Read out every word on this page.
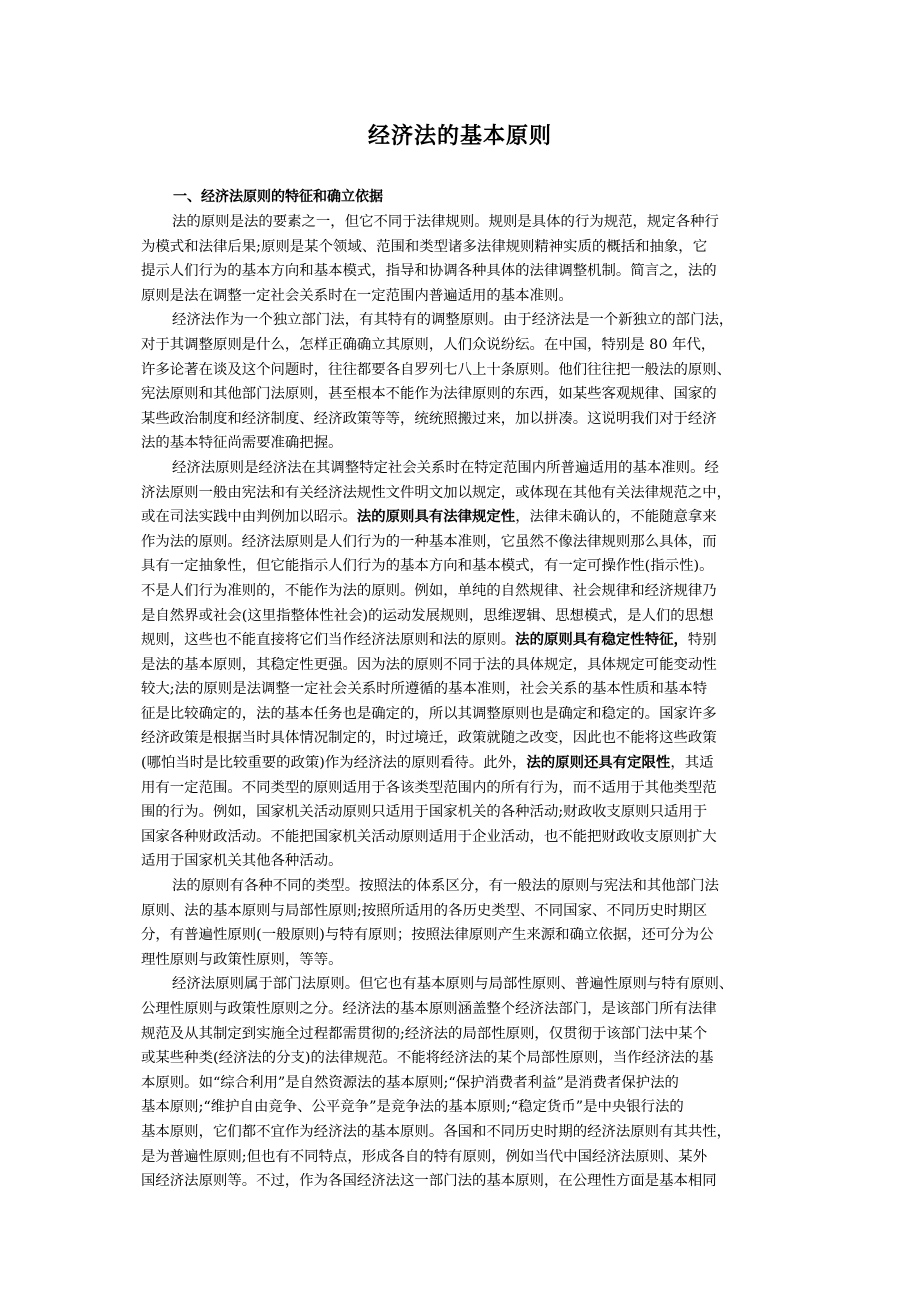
经济法的基本原则
一、经济法原则的特征和确立依据
法的原则是法的要素之一，但它不同于法律规则。规则是具体的行为规范，规定各种行
为模式和法律后果;原则是某个领域、范围和类型诸多法律规则精神实质的概括和抽象，它
提示人们行为的基本方向和基本模式，指导和协调各种具体的法律调整机制。简言之，法的
原则是法在调整一定社会关系时在一定范围内普遍适用的基本准则。
经济法作为一个独立部门法，有其特有的调整原则。由于经济法是一个新独立的部门法，
对于其调整原则是什么，怎样正确确立其原则，人们众说纷纭。在中国，特别是 80 年代，
许多论著在谈及这个问题时，往往都要各自罗列七八上十条原则。他们往往把一般法的原则、
宪法原则和其他部门法原则，甚至根本不能作为法律原则的东西，如某些客观规律、国家的
某些政治制度和经济制度、经济政策等等，统统照搬过来，加以拼凑。这说明我们对于经济
法的基本特征尚需要准确把握。
经济法原则是经济法在其调整特定社会关系时在特定范围内所普遍适用的基本准则。经
济法原则一般由宪法和有关经济法规性文件明文加以规定，或体现在其他有关法律规范之中，
或在司法实践中由判例加以昭示。法的原则具有法律规定性，法律未确认的，不能随意拿来
作为法的原则。经济法原则是人们行为的一种基本准则，它虽然不像法律规则那么具体，而
具有一定抽象性，但它能指示人们行为的基本方向和基本模式，有一定可操作性(指示性)。
不是人们行为准则的，不能作为法的原则。例如，单纯的自然规律、社会规律和经济规律乃
是自然界或社会(这里指整体性社会)的运动发展规则，思维逻辑、思想模式，是人们的思想
规则，这些也不能直接将它们当作经济法原则和法的原则。法的原则具有稳定性特征，特别
是法的基本原则，其稳定性更强。因为法的原则不同于法的具体规定，具体规定可能变动性
较大;法的原则是法调整一定社会关系时所遵循的基本准则，社会关系的基本性质和基本特
征是比较确定的，法的基本任务也是确定的，所以其调整原则也是确定和稳定的。国家许多
经济政策是根据当时具体情况制定的，时过境迁，政策就随之改变，因此也不能将这些政策
(哪怕当时是比较重要的政策)作为经济法的原则看待。此外，法的原则还具有定限性，其适
用有一定范围。不同类型的原则适用于各该类型范围内的所有行为，而不适用于其他类型范
围的行为。例如，国家机关活动原则只适用于国家机关的各种活动;财政收支原则只适用于
国家各种财政活动。不能把国家机关活动原则适用于企业活动，也不能把财政收支原则扩大
适用于国家机关其他各种活动。
法的原则有各种不同的类型。按照法的体系区分，有一般法的原则与宪法和其他部门法
原则、法的基本原则与局部性原则;按照所适用的各历史类型、不同国家、不同历史时期区
分，有普遍性原则(一般原则)与特有原则；按照法律原则产生来源和确立依据，还可分为公
理性原则与政策性原则，等等。
经济法原则属于部门法原则。但它也有基本原则与局部性原则、普遍性原则与特有原则、
公理性原则与政策性原则之分。经济法的基本原则涵盖整个经济法部门，是该部门所有法律
规范及从其制定到实施全过程都需贯彻的;经济法的局部性原则，仅贯彻于该部门法中某个
或某些种类(经济法的分支)的法律规范。不能将经济法的某个局部性原则，当作经济法的基
本原则。如“综合利用”是自然资源法的基本原则;“保护消费者利益”是消费者保护法的
基本原则;“维护自由竞争、公平竞争”是竞争法的基本原则;“稳定货币”是中央银行法的
基本原则，它们都不宜作为经济法的基本原则。各国和不同历史时期的经济法原则有其共性，
是为普遍性原则;但也有不同特点，形成各自的特有原则，例如当代中国经济法原则、某外
国经济法原则等。不过，作为各国经济法这一部门法的基本原则，在公理性方面是基本相同
